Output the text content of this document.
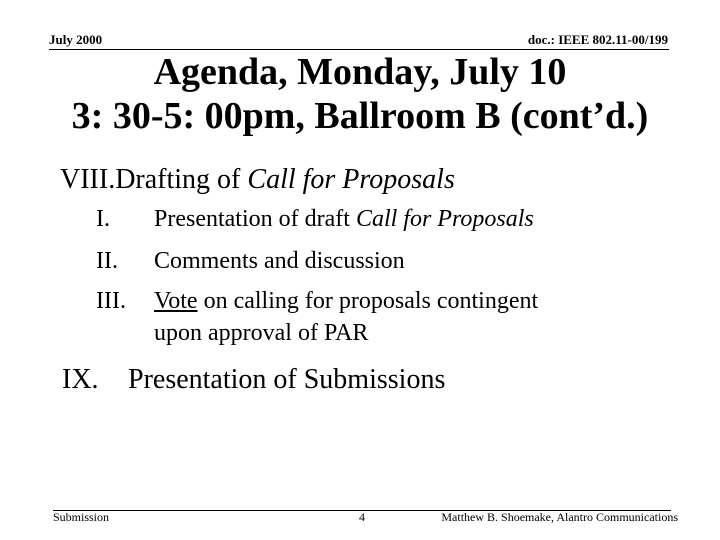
July 2000	doc.: IEEE 802.11-00/199
Agenda, Monday, July 10
3: 30-5: 00pm, Ballroom B (cont’d.)
VIII.Drafting of Call for Proposals
I. Presentation of draft Call for Proposals
II. Comments and discussion
III. Vote on calling for proposals contingent
upon approval of PAR
IX. Presentation of Submissions
Submission	4	Matthew B. Shoemake, Alantro Communications
